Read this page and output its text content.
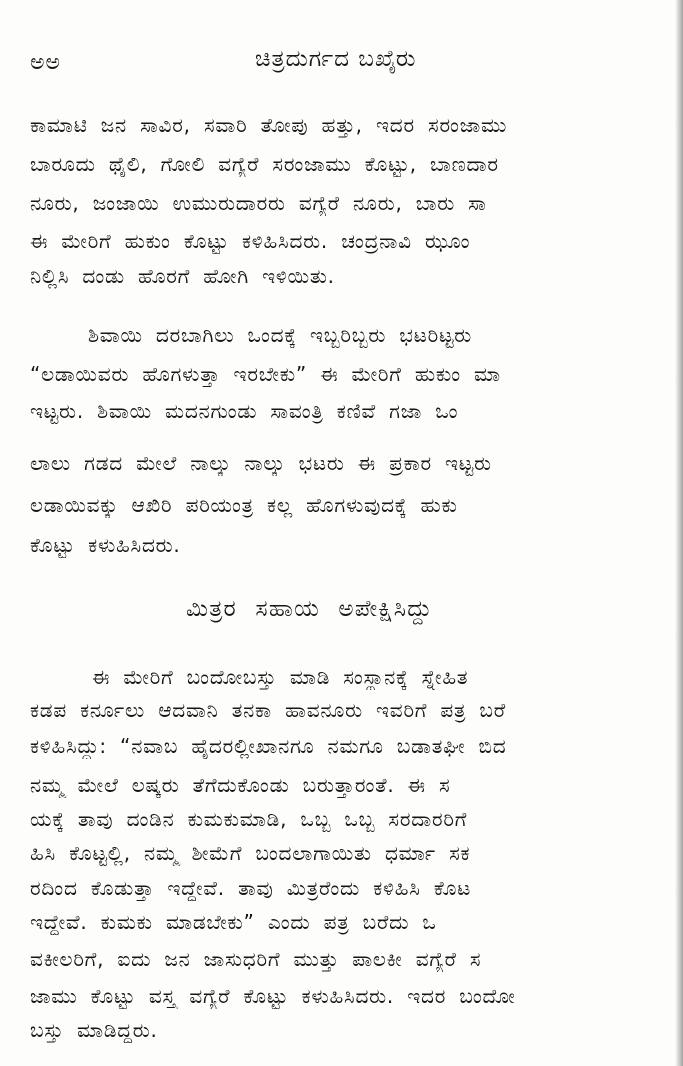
ಅಅ	ಚಿತ್ರದುರ್ಗದ ಬಖೈರು
ಕಾಮಾಟಿ ಜನ ಸಾವಿರ, ಸವಾರಿ ತೋಪು ಹತ್ತು, ಇದರ ಸರಂಜಾಮು
ಬಾರೂದು ಥೈಲಿ, ಗೋಲಿ ವಗ್ಯೆರೆ ಸರಂಜಾಮು ಕೊಟ್ಟು, ಬಾಣದಾರ
ನೂರು, ಜಂಜಾಯಿ ಉಮುರುದಾರರು ವಗ್ಯೆರೆ ನೂರು, ಬಾರು ಸಾ
ಈ ಮೇರಿಗೆ ಹುಕುಂ ಕೊಟ್ಟು ಕಳಿಹಿಸಿದರು. ಚಂದ್ರನಾವಿ ಝೂಂ
ನಿಲ್ಲಿಸಿ ದಂಡು ಹೊರಗೆ ಹೋಗಿ ಇಳಿಯಿತು.
ಶಿವಾಯಿ ದರಬಾಗಿಲು ಒಂದಕ್ಕೆ ಇಬ್ಬರಿಬ್ಬರು ಭಟರಿಟ್ಟರು
“ಲಡಾಯಿವರು ಹೊಗಳುತ್ತಾ ಇರಬೇಕು” ಈ ಮೇರಿಗೆ ಹುಕುಂ ಮಾ
ಇಟ್ಟರು. ಶಿವಾಯಿ ಮದನಗುಂಡು ಸಾವಂತ್ರಿ ಕಣಿವೆ ಗಜಾ ಒಂ
ಲಾಲು ಗಡದ ಮೇಲೆ ನಾಲ್ಕು ನಾಲ್ಕು ಭಟರು ಈ ಪ್ರಕಾರ ಇಟ್ಟರು
ಲಡಾಯಿವಕ್ಕು ಆಖಿರಿ ಪರಿಯಂತ್ರ ಕಲ್ಲ ಹೊಗಳುವುದಕ್ಕೆ ಹುಕು
ಕೊಟ್ಟು ಕಳುಹಿಸಿದರು.
ಮಿತ್ರರ ಸಹಾಯ ಅಪೇಕ್ಷಿಸಿದ್ದು
ಈ ಮೇರಿಗೆ ಬಂದೋಬಸ್ತು ಮಾಡಿ ಸಂಸ್ಥಾನಕ್ಕೆ ಸ್ನೇಹಿತ
ಕಡಪ ಕರ್ನೂಲು ಆದವಾನಿ ತನಕಾ ಹಾವನೂರು ಇವರಿಗೆ ಪತ್ರ ಬರೆ
ಕಳಿಹಿಸಿದ್ದು: “ನವಾಬ ಹೈದರಲ್ಲೀಖಾನಗೂ ನಮಗೂ ಬಡಾತಘೀ ಬಿದ
ನಮ್ಮ ಮೇಲೆ ಲಷ್ಕರು ತೆಗೆದುಕೊಂಡು ಬರುತ್ತಾರಂತೆ. ಈ ಸ
ಯಕ್ಕೆ ತಾವು ದಂಡಿನ ಕುಮಕುಮಾಡಿ, ಒಬ್ಬ ಒಬ್ಬ ಸರದಾರರಿಗೆ
ಹಿಸಿ ಕೊಟ್ಟಲ್ಲಿ, ನಮ್ಮ ಶೀಮೆಗೆ ಬಂದಲಾಗಾಯಿತು ಧರ್ಮಾ ಸಕ
ರದಿಂದ ಕೊಡುತ್ತಾ ಇದ್ದೇವೆ. ತಾವು ಮಿತ್ರರೆಂದು ಕಳಿಹಿಸಿ ಕೊಟ
ಇದ್ದೇವೆ. ಕುಮಕು ಮಾಡಬೇಕು” ಎಂದು ಪತ್ರ ಬರೆದು ಒ
ವಕೀಲರಿಗೆ, ಐದು ಜನ ಜಾಸುಧರಿಗೆ ಮುತ್ತು ಪಾಲಕೀ ವಗ್ಯೆರೆ ಸ
ಜಾಮು ಕೊಟ್ಟು ವಸ್ತ್ರ ವಗ್ಯೆರೆ ಕೊಟ್ಟು ಕಳುಹಿಸಿದರು. ಇದರ ಬಂದೋ
ಬಸ್ತು ಮಾಡಿದ್ದರು.
